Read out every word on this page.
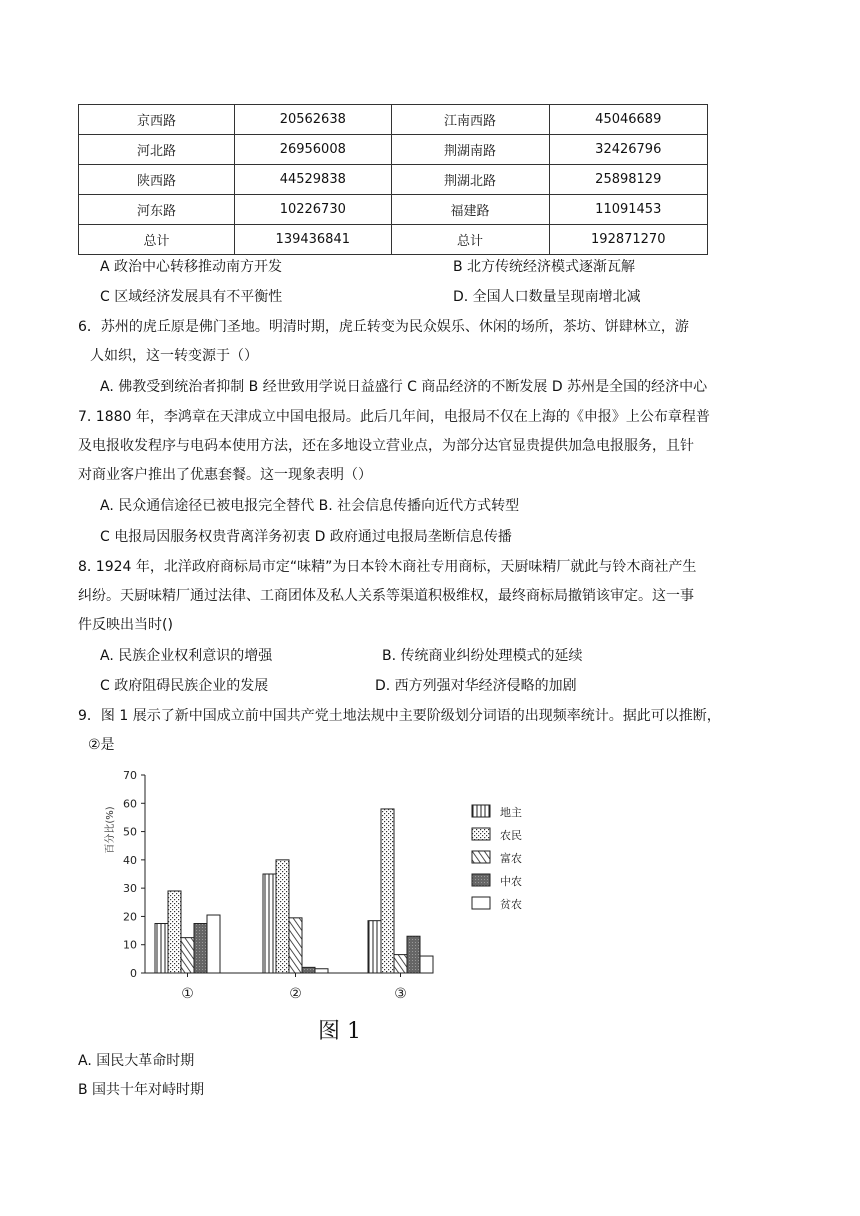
京西路	20562638	江南西路	45046689
河北路	26956008	荆湖南路	32426796
陕西路	44529838	荆湖北路	25898129
河东路	10226730	福建路	11091453
总计	139436841	总计	192871270
A 政治中心转移推动南方开发	B 北方传统经济模式逐渐瓦解
C 区域经济发展具有不平衡性	D. 全国人口数量呈现南增北减
6．苏州的虎丘原是佛门圣地。明清时期，虎丘转变为民众娱乐、休闲的场所，茶坊、饼肆林立，游
人如织，这一转变源于（）
A. 佛教受到统治者抑制 B 经世致用学说日益盛行 C 商品经济的不断发展 D 苏州是全国的经济中心
7. 1880 年，李鸿章在天津成立中国电报局。此后几年间，电报局不仅在上海的《申报》上公布章程普
及电报收发程序与电码本使用方法，还在多地设立营业点，为部分达官显贵提供加急电报服务，且针
对商业客户推出了优惠套餐。这一现象表明（）
A. 民众通信途径已被电报完全替代 B. 社会信息传播向近代方式转型
C 电报局因服务权贵背离洋务初衷 D 政府通过电报局垄断信息传播
8. 1924 年，北洋政府商标局市定“味精”为日本铃木商社专用商标，天厨味精厂就此与铃木商社产生
纠纷。天厨味精厂通过法律、工商团体及私人关系等渠道积极维权，最终商标局撤销该审定。这一事
件反映出当时()
A. 民族企业权利意识的增强	B. 传统商业纠纷处理模式的延续
C 政府阻碍民族企业的发展	D. 西方列强对华经济侵略的加剧
9．图 1 展示了新中国成立前中国共产党土地法规中主要阶级划分词语的出现频率统计。据此可以推断，
②是
0
10
20
30
40
50
60
70
百分比(%)
①	②	③
地主
农民
富农
中农
贫农
图 1
A. 国民大革命时期
B 国共十年对峙时期
